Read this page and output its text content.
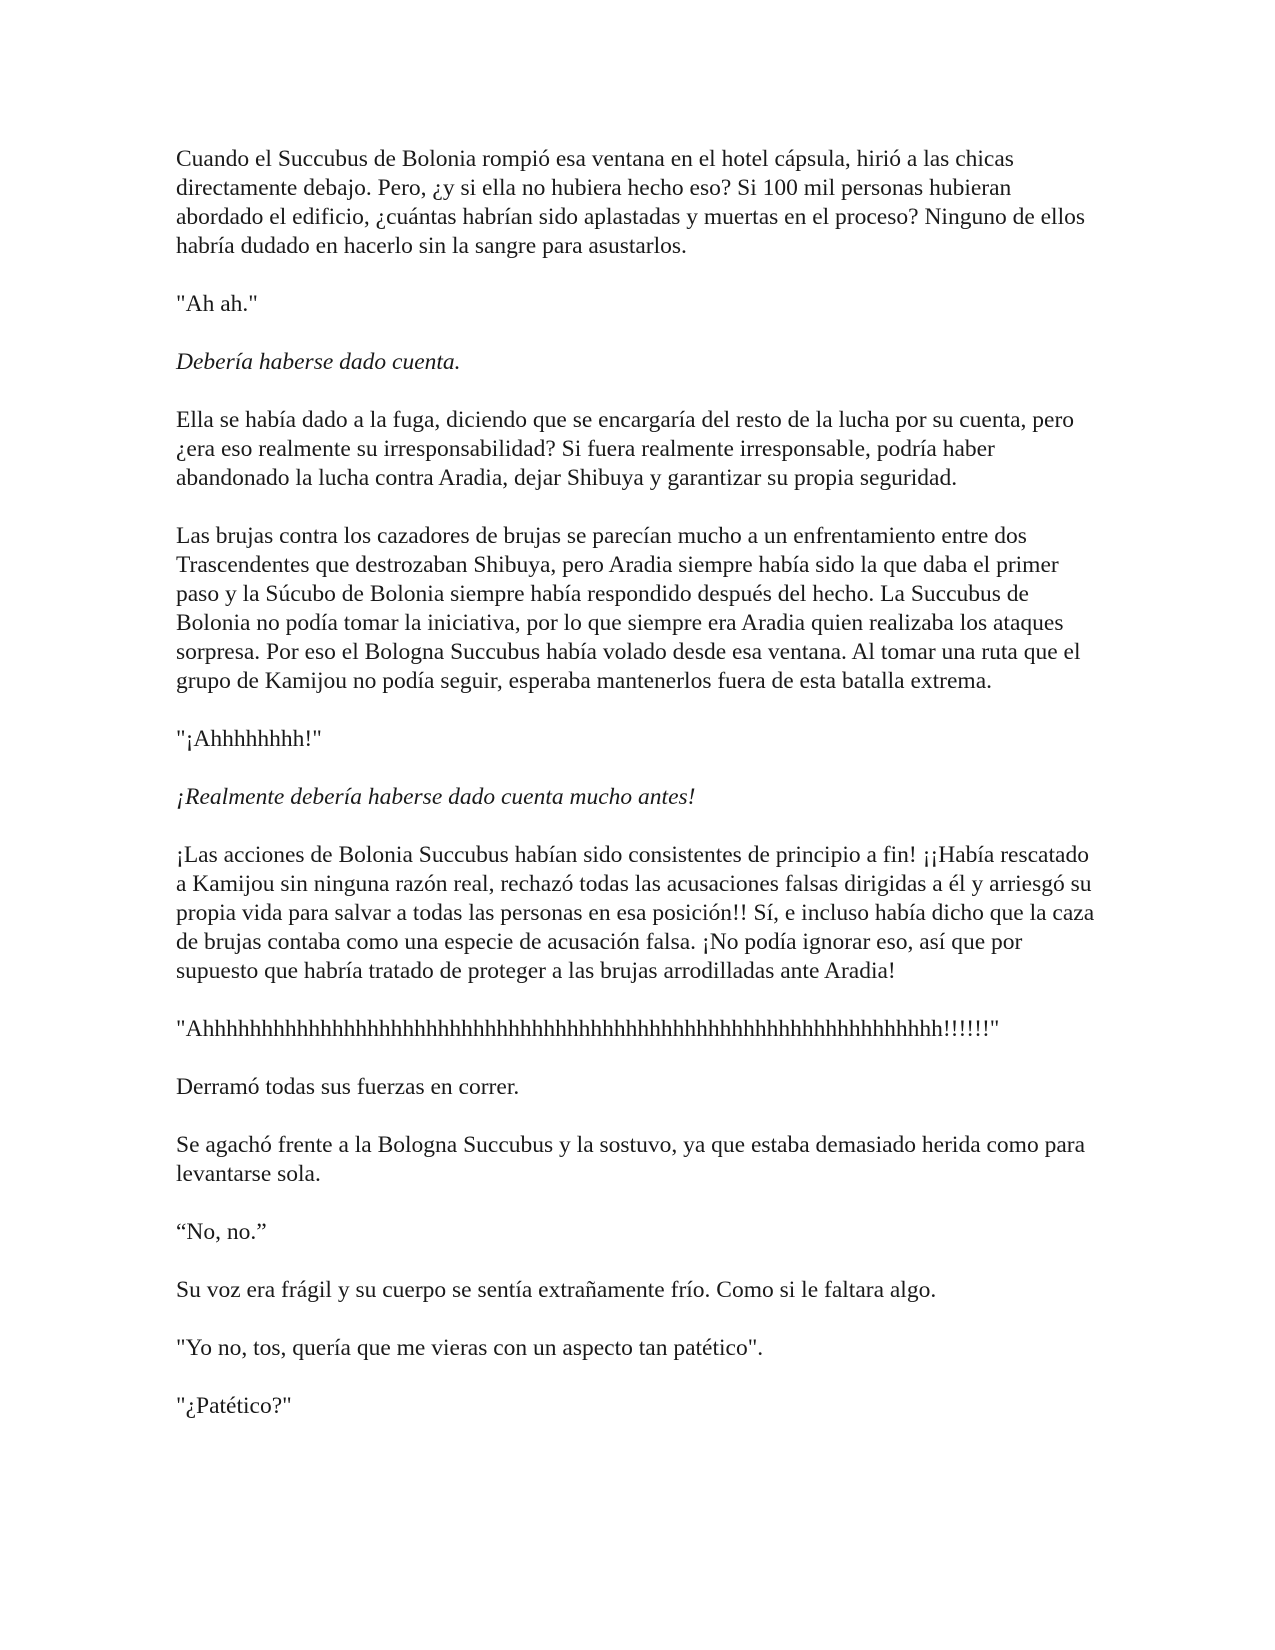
Cuando el Succubus de Bolonia rompió esa ventana en el hotel cápsula, hirió a las chicas directamente debajo. Pero, ¿y si ella no hubiera hecho eso? Si 100 mil personas hubieran abordado el edificio, ¿cuántas habrían sido aplastadas y muertas en el proceso? Ninguno de ellos habría dudado en hacerlo sin la sangre para asustarlos.

"Ah ah."

Debería haberse dado cuenta.

Ella se había dado a la fuga, diciendo que se encargaría del resto de la lucha por su cuenta, pero ¿era eso realmente su irresponsabilidad? Si fuera realmente irresponsable, podría haber abandonado la lucha contra Aradia, dejar Shibuya y garantizar su propia seguridad.

Las brujas contra los cazadores de brujas se parecían mucho a un enfrentamiento entre dos Trascendentes que destrozaban Shibuya, pero Aradia siempre había sido la que daba el primer paso y la Súcubo de Bolonia siempre había respondido después del hecho. La Succubus de Bolonia no podía tomar la iniciativa, por lo que siempre era Aradia quien realizaba los ataques sorpresa. Por eso el Bologna Succubus había volado desde esa ventana. Al tomar una ruta que el grupo de Kamijou no podía seguir, esperaba mantenerlos fuera de esta batalla extrema.

"¡Ahhhhhhhh!"

¡Realmente debería haberse dado cuenta mucho antes!

¡Las acciones de Bolonia Succubus habían sido consistentes de principio a fin! ¡¡Había rescatado a Kamijou sin ninguna razón real, rechazó todas las acusaciones falsas dirigidas a él y arriesgó su propia vida para salvar a todas las personas en esa posición!! Sí, e incluso había dicho que la caza de brujas contaba como una especie de acusación falsa. ¡No podía ignorar eso, así que por supuesto que habría tratado de proteger a las brujas arrodilladas ante Aradia!

"Ahhhhhhhhhhhhhhhhhhhhhhhhhhhhhhhhhhhhhhhhhhhhhhhhhhhhhhhhhhhhhhh!!!!!!"

Derramó todas sus fuerzas en correr.

Se agachó frente a la Bologna Succubus y la sostuvo, ya que estaba demasiado herida como para levantarse sola.

“No, no.”

Su voz era frágil y su cuerpo se sentía extrañamente frío. Como si le faltara algo.

"Yo no, tos, quería que me vieras con un aspecto tan patético".

"¿Patético?"
